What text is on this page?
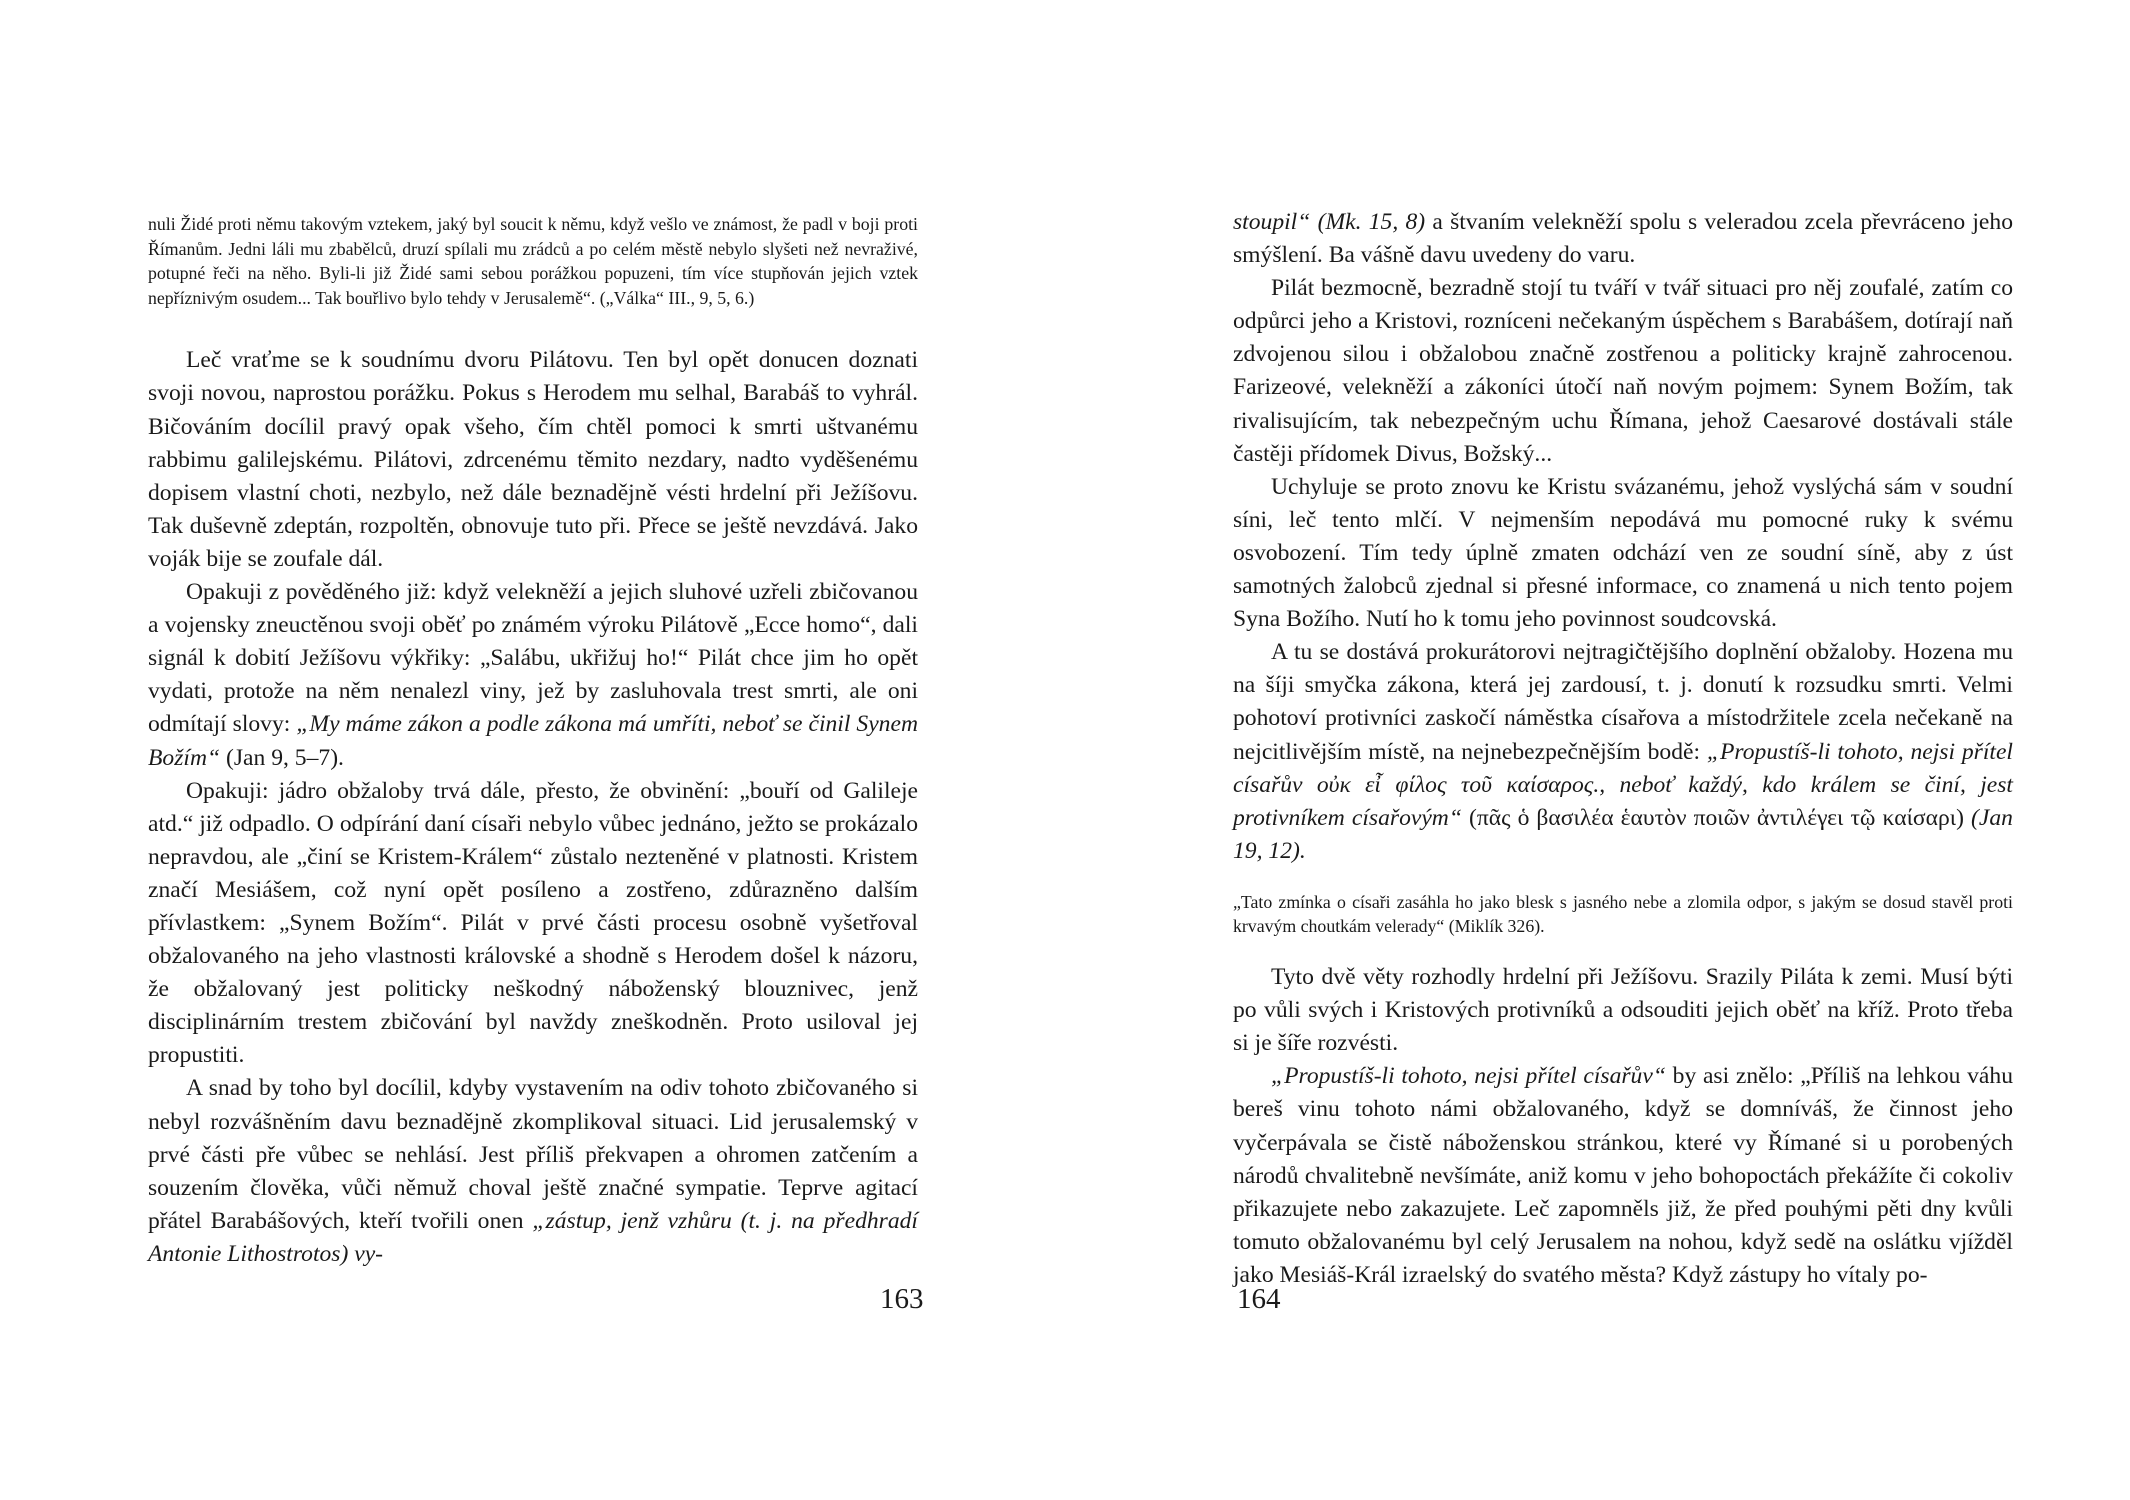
nuli Židé proti němu takovým vztekem, jaký byl soucit k němu, když vešlo ve známost, že padl v boji proti Římanům. Jedni láli mu zbabělců, druzí spílali mu zrádců a po celém městě nebylo slyšeti než nevraživé, potupné řeči na něho. Byli-li již Židé sami sebou porážkou popuzeni, tím více stupňován jejich vztek nepříznivým osudem... Tak bouřlivo bylo tehdy v Jerusalemě“. („Válka“ III., 9, 5, 6.)

Leč vraťme se k soudnímu dvoru Pilátovu. Ten byl opět donucen doznati svoji novou, naprostou porážku. Pokus s Herodem mu selhal, Barabáš to vyhrál. Bičováním docílil pravý opak všeho, čím chtěl pomoci k smrti uštvanému rabbimu galilejskému. Pilátovi, zdrcenému těmito nezdary, nadto vyděšenému dopisem vlastní choti, nezbylo, než dále beznadějně vésti hrdelní při Ježíšovu. Tak duševně zdeptán, rozpoltěn, obnovuje tuto při. Přece se ještě nevzdává. Jako voják bije se zoufale dál.

Opakuji z pověděného již: když velekněží a jejich sluhové uzřeli zbičovanou a vojensky zneuctěnou svoji oběť po známém výroku Pilátově „Ecce homo“, dali signál k dobití Ježíšovu výkřiky: „Salábu, ukřižuj ho!“ Pilát chce jim ho opět vydati, protože na něm nenalezl viny, jež by zasluhovala trest smrti, ale oni odmítají slovy: „My máme zákon a podle zákona má umříti, neboť se činil Synem Božím“ (Jan 9, 5–7).

Opakuji: jádro obžaloby trvá dále, přesto, že obvinění: „bouří od Galileje atd.“ již odpadlo. O odpírání daní císaři nebylo vůbec jednáno, ježto se prokázalo nepravdou, ale „činí se Kristem-Králem“ zůstalo nezteněné v platnosti. Kristem značí Mesiášem, což nyní opět posíleno a zostřeno, zdůrazněno dalším přívlastkem: „Synem Božím“. Pilát v prvé části procesu osobně vyšetřoval obžalovaného na jeho vlastnosti královské a shodně s Herodem došel k názoru, že obžalovaný jest politicky neškodný náboženský blouznivec, jenž disciplinárním trestem zbičování byl navždy zneškodněn. Proto usiloval jej propustiti.

A snad by toho byl docílil, kdyby vystavením na odiv tohoto zbičovaného si nebyl rozvášněním davu beznadějně zkomplikoval situaci. Lid jerusalemský v prvé části pře vůbec se nehlásí. Jest příliš překvapen a ohromen zatčením a souzením člověka, vůči němuž choval ještě značné sympatie. Teprve agitací přátel Barabášových, kteří tvořili onen „zástup, jenž vzhůru (t. j. na předhradí Antonie Lithostrotos) vy-

163

stoupil“ (Mk. 15, 8) a štvaním velekněží spolu s veleradou zcela převráceno jeho smýšlení. Ba vášně davu uvedeny do varu.

Pilát bezmocně, bezradně stojí tu tváří v tvář situaci pro něj zoufalé, zatím co odpůrci jeho a Kristovi, rozníceni nečekaným úspěchem s Barabášem, dotírají naň zdvojenou silou i obžalobou značně zostřenou a politicky krajně zahrocenou. Farizeové, velekněží a zákoníci útočí naň novým pojmem: Synem Božím, tak rivalisujícím, tak nebezpečným uchu Římana, jehož Caesarové dostávali stále častěji přídomek Divus, Božský...

Uchyluje se proto znovu ke Kristu svázanému, jehož vyslýchá sám v soudní síni, leč tento mlčí. V nejmenším nepodává mu pomocné ruky k svému osvobození. Tím tedy úplně zmaten odchází ven ze soudní síně, aby z úst samotných žalobců zjednal si přesné informace, co znamená u nich tento pojem Syna Božího. Nutí ho k tomu jeho povinnost soudcovská.

A tu se dostává prokurátorovi nejtragičtějšího doplnění obžaloby. Hozena mu na šíji smyčka zákona, která jej zardousí, t. j. donutí k rozsudku smrti. Velmi pohotoví protivníci zaskočí náměstka císařova a místodržitele zcela nečekaně na nejcitlivějším místě, na nejnebezpečnějším bodě: „Propustíš-li tohoto, nejsi přítel císařův οὐκ εἶ φίλος τοῦ καίσαρος., neboť každý, kdo králem se činí, jest protivníkem císařovým“ (πᾶς ὁ βασιλέα ἑαυτὸν ποιῶν ἀντιλέγει τῷ καίσαρι) (Jan 19, 12).

„Tato zmínka o císaři zasáhla ho jako blesk s jasného nebe a zlomila odpor, s jakým se dosud stavěl proti krvavým choutkám velerady“ (Miklík 326).

Tyto dvě věty rozhodly hrdelní při Ježíšovu. Srazily Piláta k zemi. Musí býti po vůli svých i Kristových protivníků a odsouditi jejich oběť na kříž. Proto třeba si je šíře rozvésti.

„Propustíš-li tohoto, nejsi přítel císařův“ by asi znělo: „Příliš na lehkou váhu bereš vinu tohoto námi obžalovaného, když se domníváš, že činnost jeho vyčerpávala se čistě náboženskou stránkou, které vy Římané si u porobených národů chvalitebně nevšímáte, aniž komu v jeho bohopoctách překážíte či cokoliv přikazujete nebo zakazujete. Leč zapomněls již, že před pouhými pěti dny kvůli tomuto obžalovanému byl celý Jerusalem na nohou, když sedě na oslátku vjížděl jako Mesiáš-Král izraelský do svatého města? Když zástupy ho vítaly po-

164
